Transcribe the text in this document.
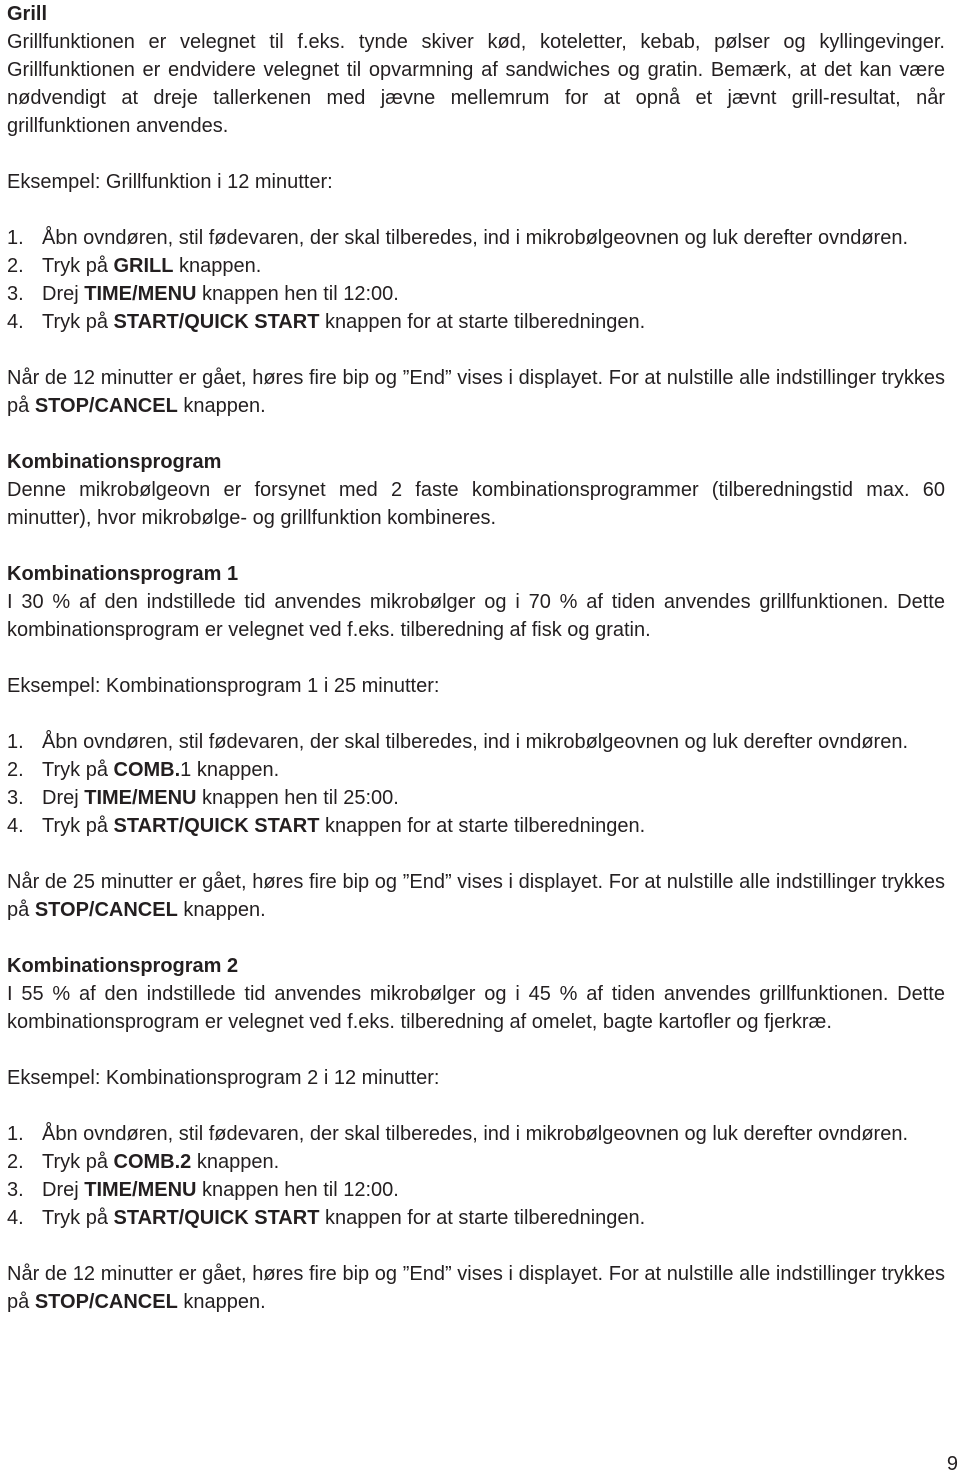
Grill

Grillfunktionen er velegnet til f.eks. tynde skiver kød, koteletter, kebab, pølser og kyllingevinger. Grillfunktionen er endvidere velegnet til opvarmning af sandwiches og gratin. Bemærk, at det kan være nødvendigt at dreje tallerkenen med jævne mellemrum for at opnå et jævnt grill-resultat, når grillfunktionen anvendes.

Eksempel: Grillfunktion i 12 minutter:

1. Åbn ovndøren, stil fødevaren, der skal tilberedes, ind i mikrobølgeovnen og luk derefter ovndøren.
2. Tryk på GRILL knappen.
3. Drej TIME/MENU knappen hen til 12:00.
4. Tryk på START/QUICK START knappen for at starte tilberedningen.

Når de 12 minutter er gået, høres fire bip og ”End” vises i displayet. For at nulstille alle indstillinger trykkes på STOP/CANCEL knappen.

Kombinationsprogram

Denne mikrobølgeovn er forsynet med 2 faste kombinationsprogrammer (tilberedningstid max. 60 minutter), hvor mikrobølge- og grillfunktion kombineres.

Kombinationsprogram 1

I 30 % af den indstillede tid anvendes mikrobølger og i 70 % af tiden anvendes grillfunktionen. Dette kombinationsprogram er velegnet ved f.eks. tilberedning af fisk og gratin.

Eksempel: Kombinationsprogram 1 i 25 minutter:

1. Åbn ovndøren, stil fødevaren, der skal tilberedes, ind i mikrobølgeovnen og luk derefter ovndøren.
2. Tryk på COMB.1 knappen.
3. Drej TIME/MENU knappen hen til 25:00.
4. Tryk på START/QUICK START knappen for at starte tilberedningen.

Når de 25 minutter er gået, høres fire bip og ”End” vises i displayet. For at nulstille alle indstillinger trykkes på STOP/CANCEL knappen.

Kombinationsprogram 2

I 55 % af den indstillede tid anvendes mikrobølger og i 45 % af tiden anvendes grillfunktionen. Dette kombinationsprogram er velegnet ved f.eks. tilberedning af omelet, bagte kartofler og fjerkræ.

Eksempel: Kombinationsprogram 2 i 12 minutter:

1. Åbn ovndøren, stil fødevaren, der skal tilberedes, ind i mikrobølgeovnen og luk derefter ovndøren.
2. Tryk på COMB.2 knappen.
3. Drej TIME/MENU knappen hen til 12:00.
4. Tryk på START/QUICK START knappen for at starte tilberedningen.

Når de 12 minutter er gået, høres fire bip og ”End” vises i displayet. For at nulstille alle indstillinger trykkes på STOP/CANCEL knappen.

9
